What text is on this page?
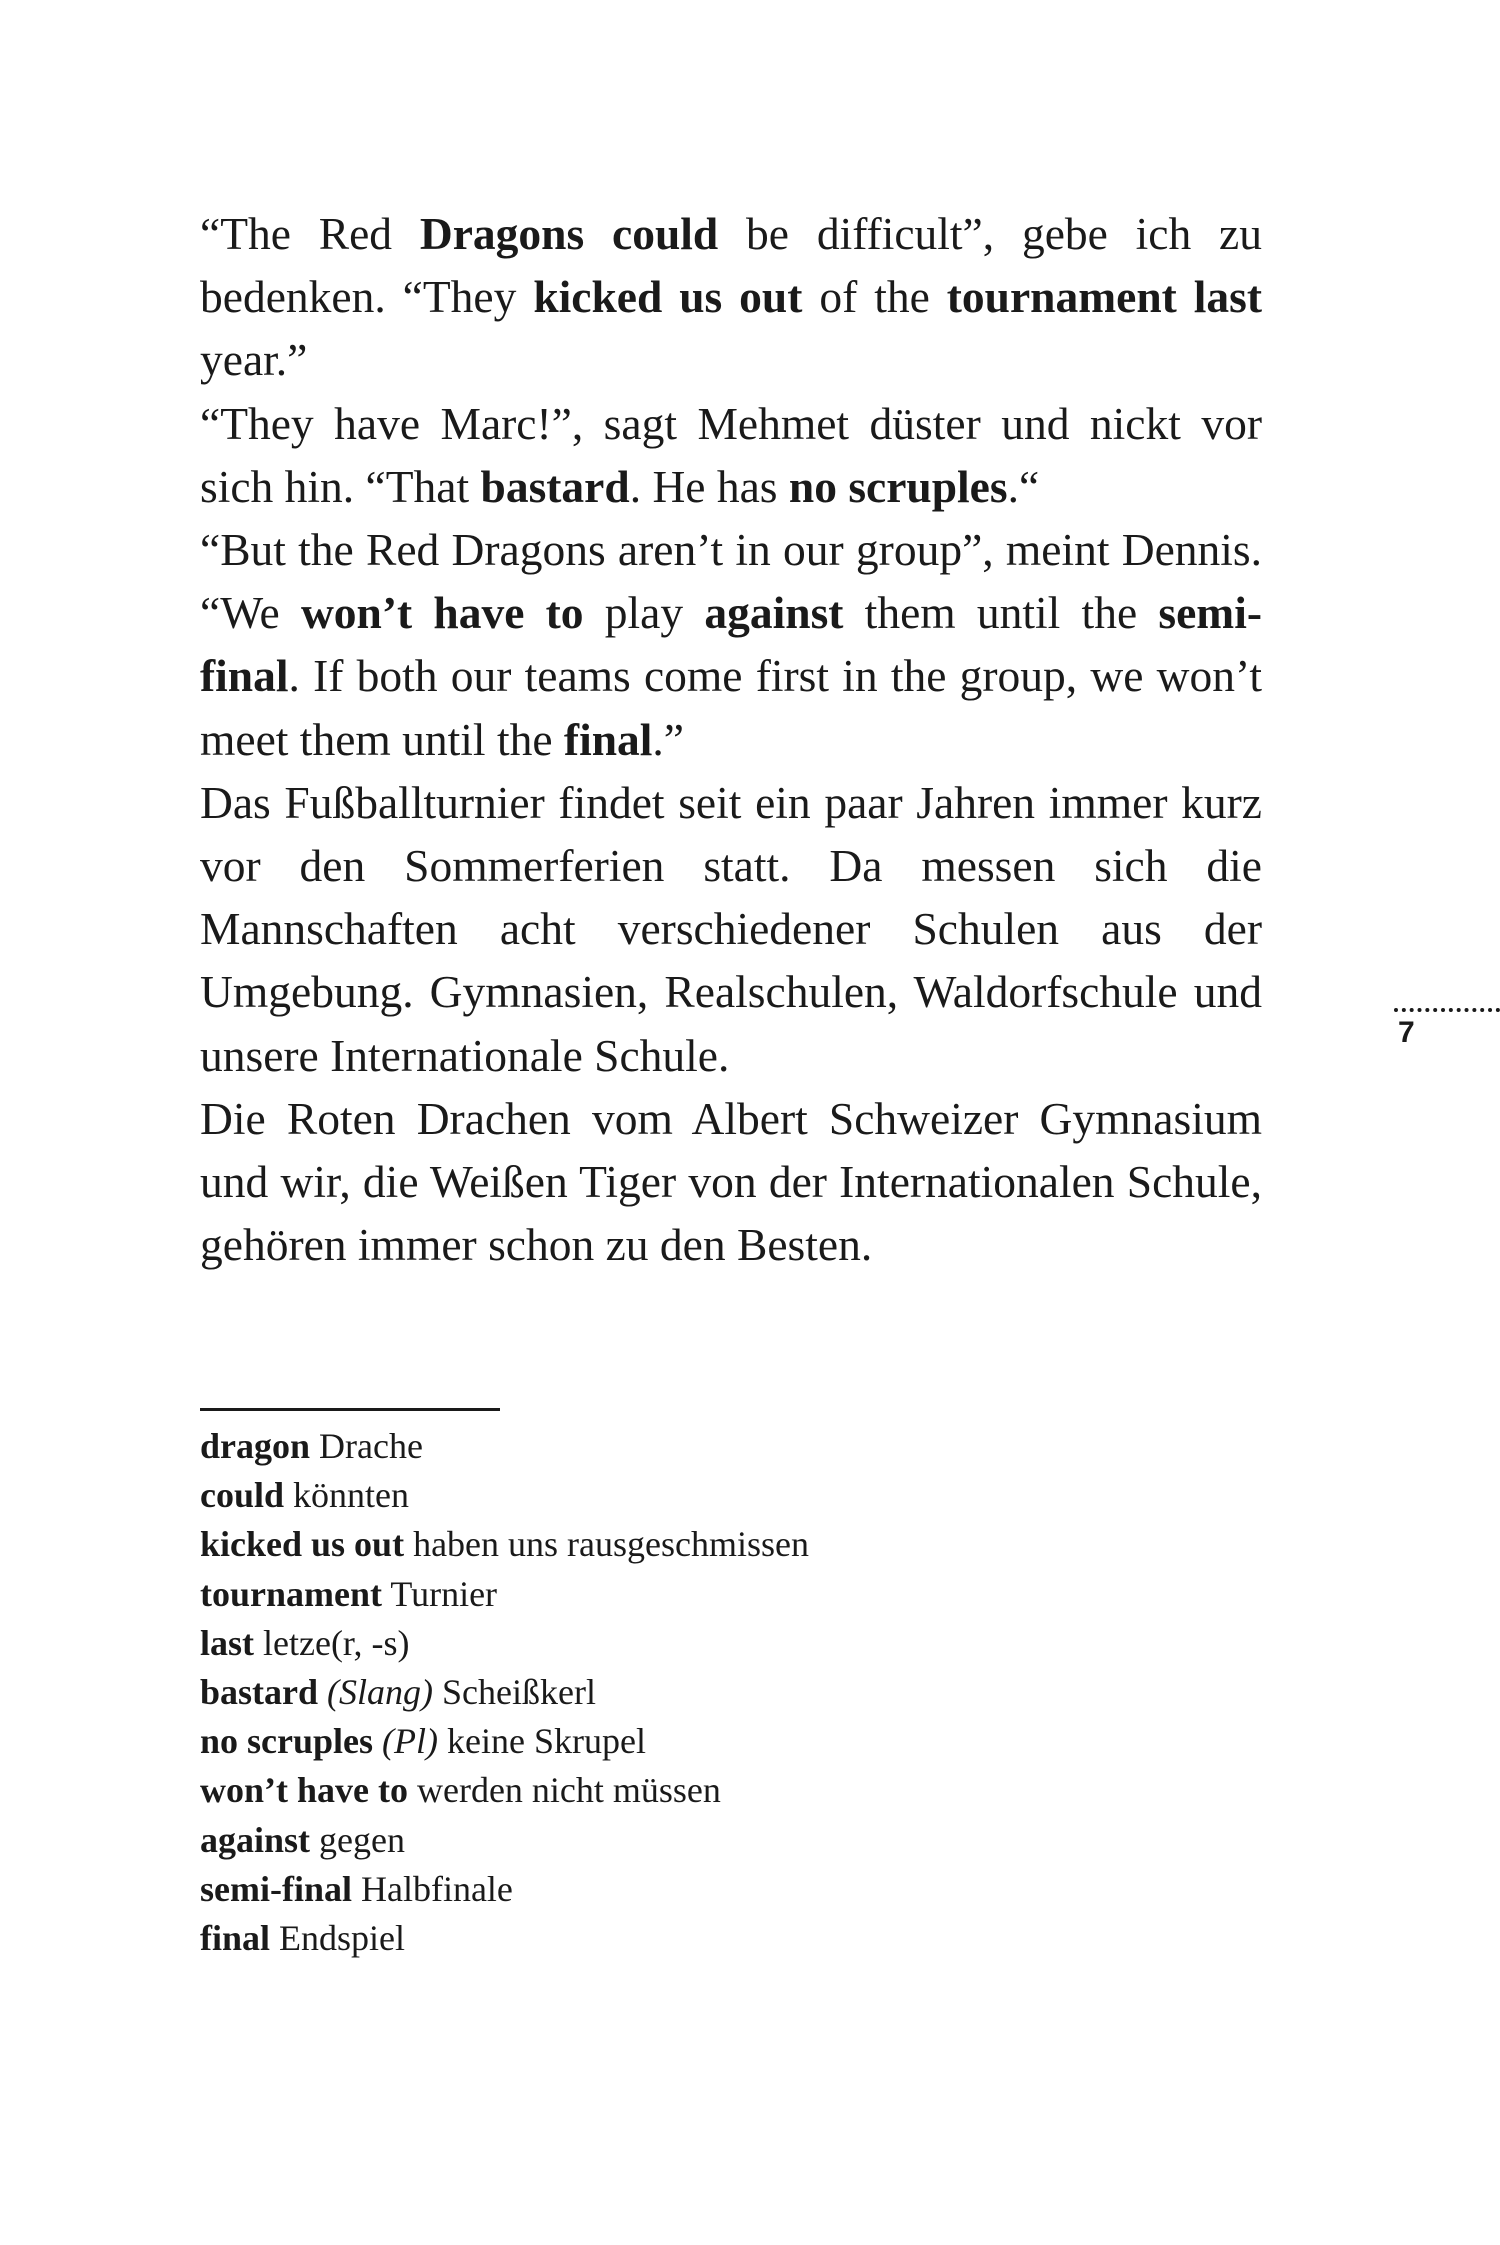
“The Red Dragons could be difficult”, gebe ich zu bedenken. “They kicked us out of the tournament last year.”

“They have Marc!”, sagt Mehmet düster und nickt vor sich hin. “That bastard. He has no scruples.“

“But the Red Dragons aren’t in our group”, meint Dennis. “We won’t have to play against them until the semi-final. If both our teams come first in the group, we won’t meet them until the final.”

Das Fußballturnier findet seit ein paar Jahren immer kurz vor den Sommerferien statt. Da messen sich die Mannschaften acht verschiedener Schulen aus der Umgebung. Gymnasien, Realschulen, Waldorfschule und unsere Internationale Schule.

Die Roten Drachen vom Albert Schweizer Gymnasium und wir, die Weißen Tiger von der Internationalen Schule, gehören immer schon zu den Besten.

dragon Drache
could könnten
kicked us out haben uns rausgeschmissen
tournament Turnier
last letze(r, -s)
bastard (Slang) Scheißkerl
no scruples (Pl) keine Skrupel
won’t have to werden nicht müssen
against gegen
semi-final Halbfinale
final Endspiel
7
